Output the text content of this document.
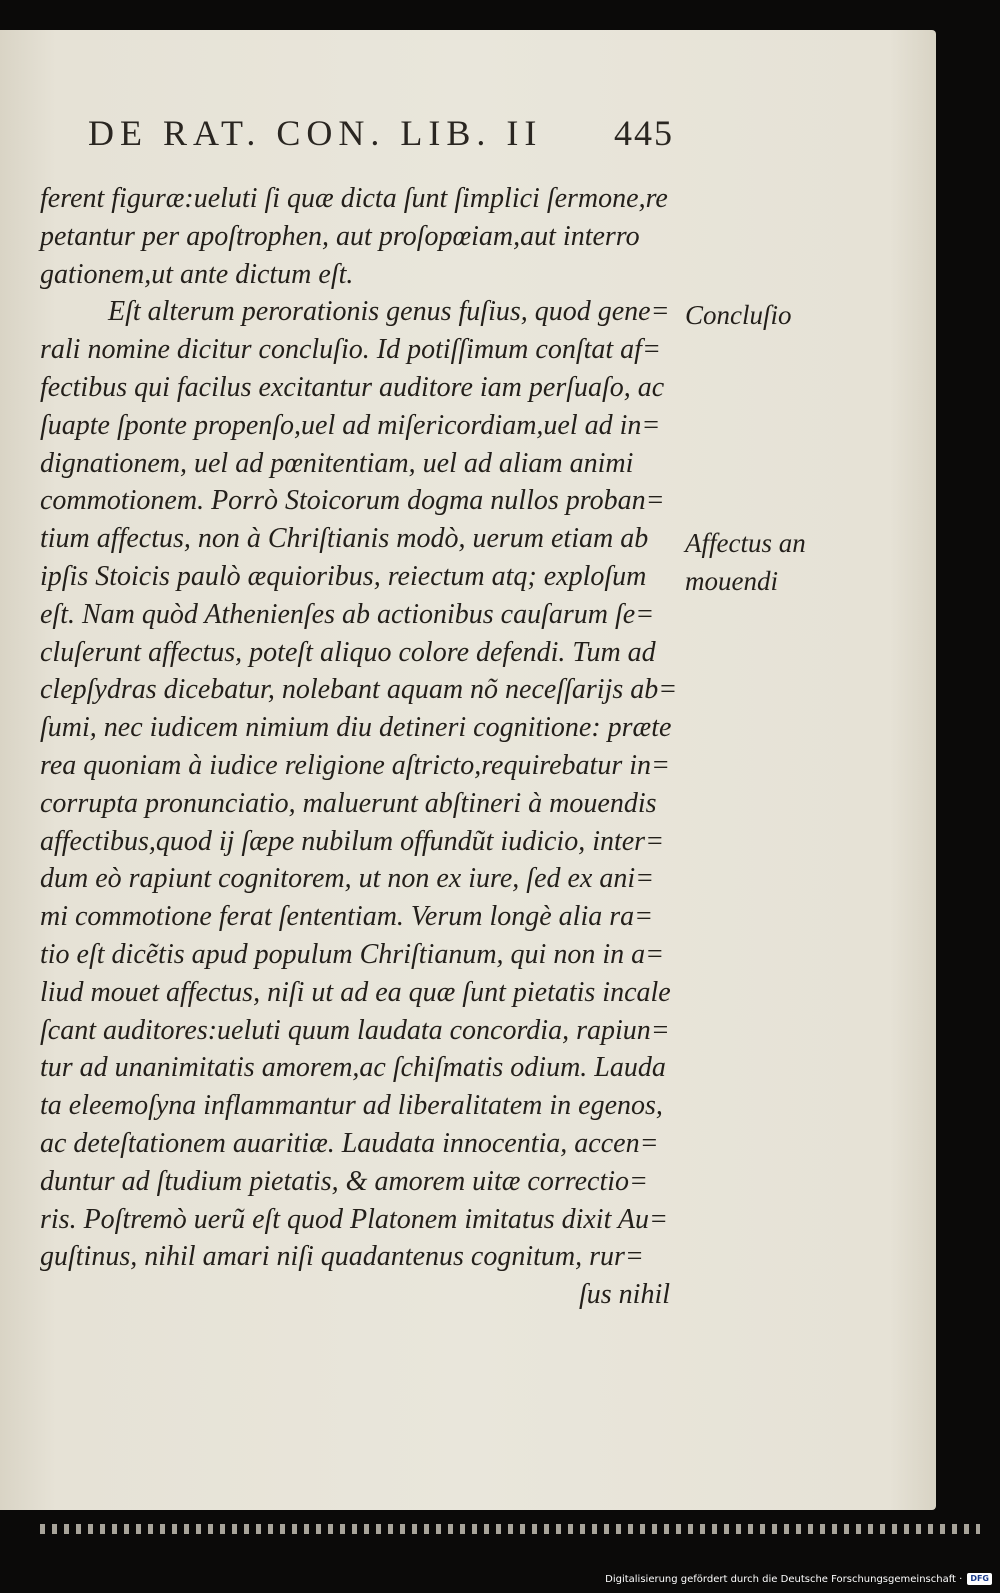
DE RAT. CON. LIB. II 445
ferent figuræ:ueluti ſi quæ dicta ſunt ſimplici ſermone,re
petantur per apoſtrophen, aut proſopœiam,aut interro
gationem,ut ante dictum eſt.
Eſt alterum perorationis genus fuſius, quod gene=
rali nomine dicitur concluſio. Id potiſſimum conſtat af=
fectibus qui facilus excitantur auditore iam perſuaſo, ac
ſuapte ſponte propenſo,uel ad miſericordiam,uel ad in=
dignationem, uel ad pœnitentiam, uel ad aliam animi
commotionem. Porrò Stoicorum dogma nullos proban=
tium affectus, non à Chriſtianis modò, uerum etiam ab
ipſis Stoicis paulò æquioribus, reiectum atq; exploſum
eſt. Nam quòd Athenienſes ab actionibus cauſarum ſe=
cluſerunt affectus, poteſt aliquo colore defendi. Tum ad
clepſydras dicebatur, nolebant aquam nõ neceſſarijs ab=
ſumi, nec iudicem nimium diu detineri cognitione: præte
rea quoniam à iudice religione aſtricto,requirebatur in=
corrupta pronunciatio, maluerunt abſtineri à mouendis
affectibus,quod ij ſæpe nubilum offundũt iudicio, inter=
dum eò rapiunt cognitorem, ut non ex iure, ſed ex ani=
mi commotione ferat ſententiam. Verum longè alia ra=
tio eſt dicẽtis apud populum Chriſtianum, qui non in a=
liud mouet affectus, niſi ut ad ea quæ ſunt pietatis incale
ſcant auditores:ueluti quum laudata concordia, rapiun=
tur ad unanimitatis amorem,ac ſchiſmatis odium. Lauda
ta eleemoſyna inflammantur ad liberalitatem in egenos,
ac deteſtationem auaritiæ. Laudata innocentia, accen=
duntur ad ſtudium pietatis, & amorem uitæ correctio=
ris. Poſtremò uerũ eſt quod Platonem imitatus dixit Au=
guſtinus, nihil amari niſi quadantenus cognitum, rur=
ſus nihil
Concluſio
Affectus an
mouendi
Digitalisierung gefördert durch die Deutsche Forschungsgemeinschaft ·	DFG
